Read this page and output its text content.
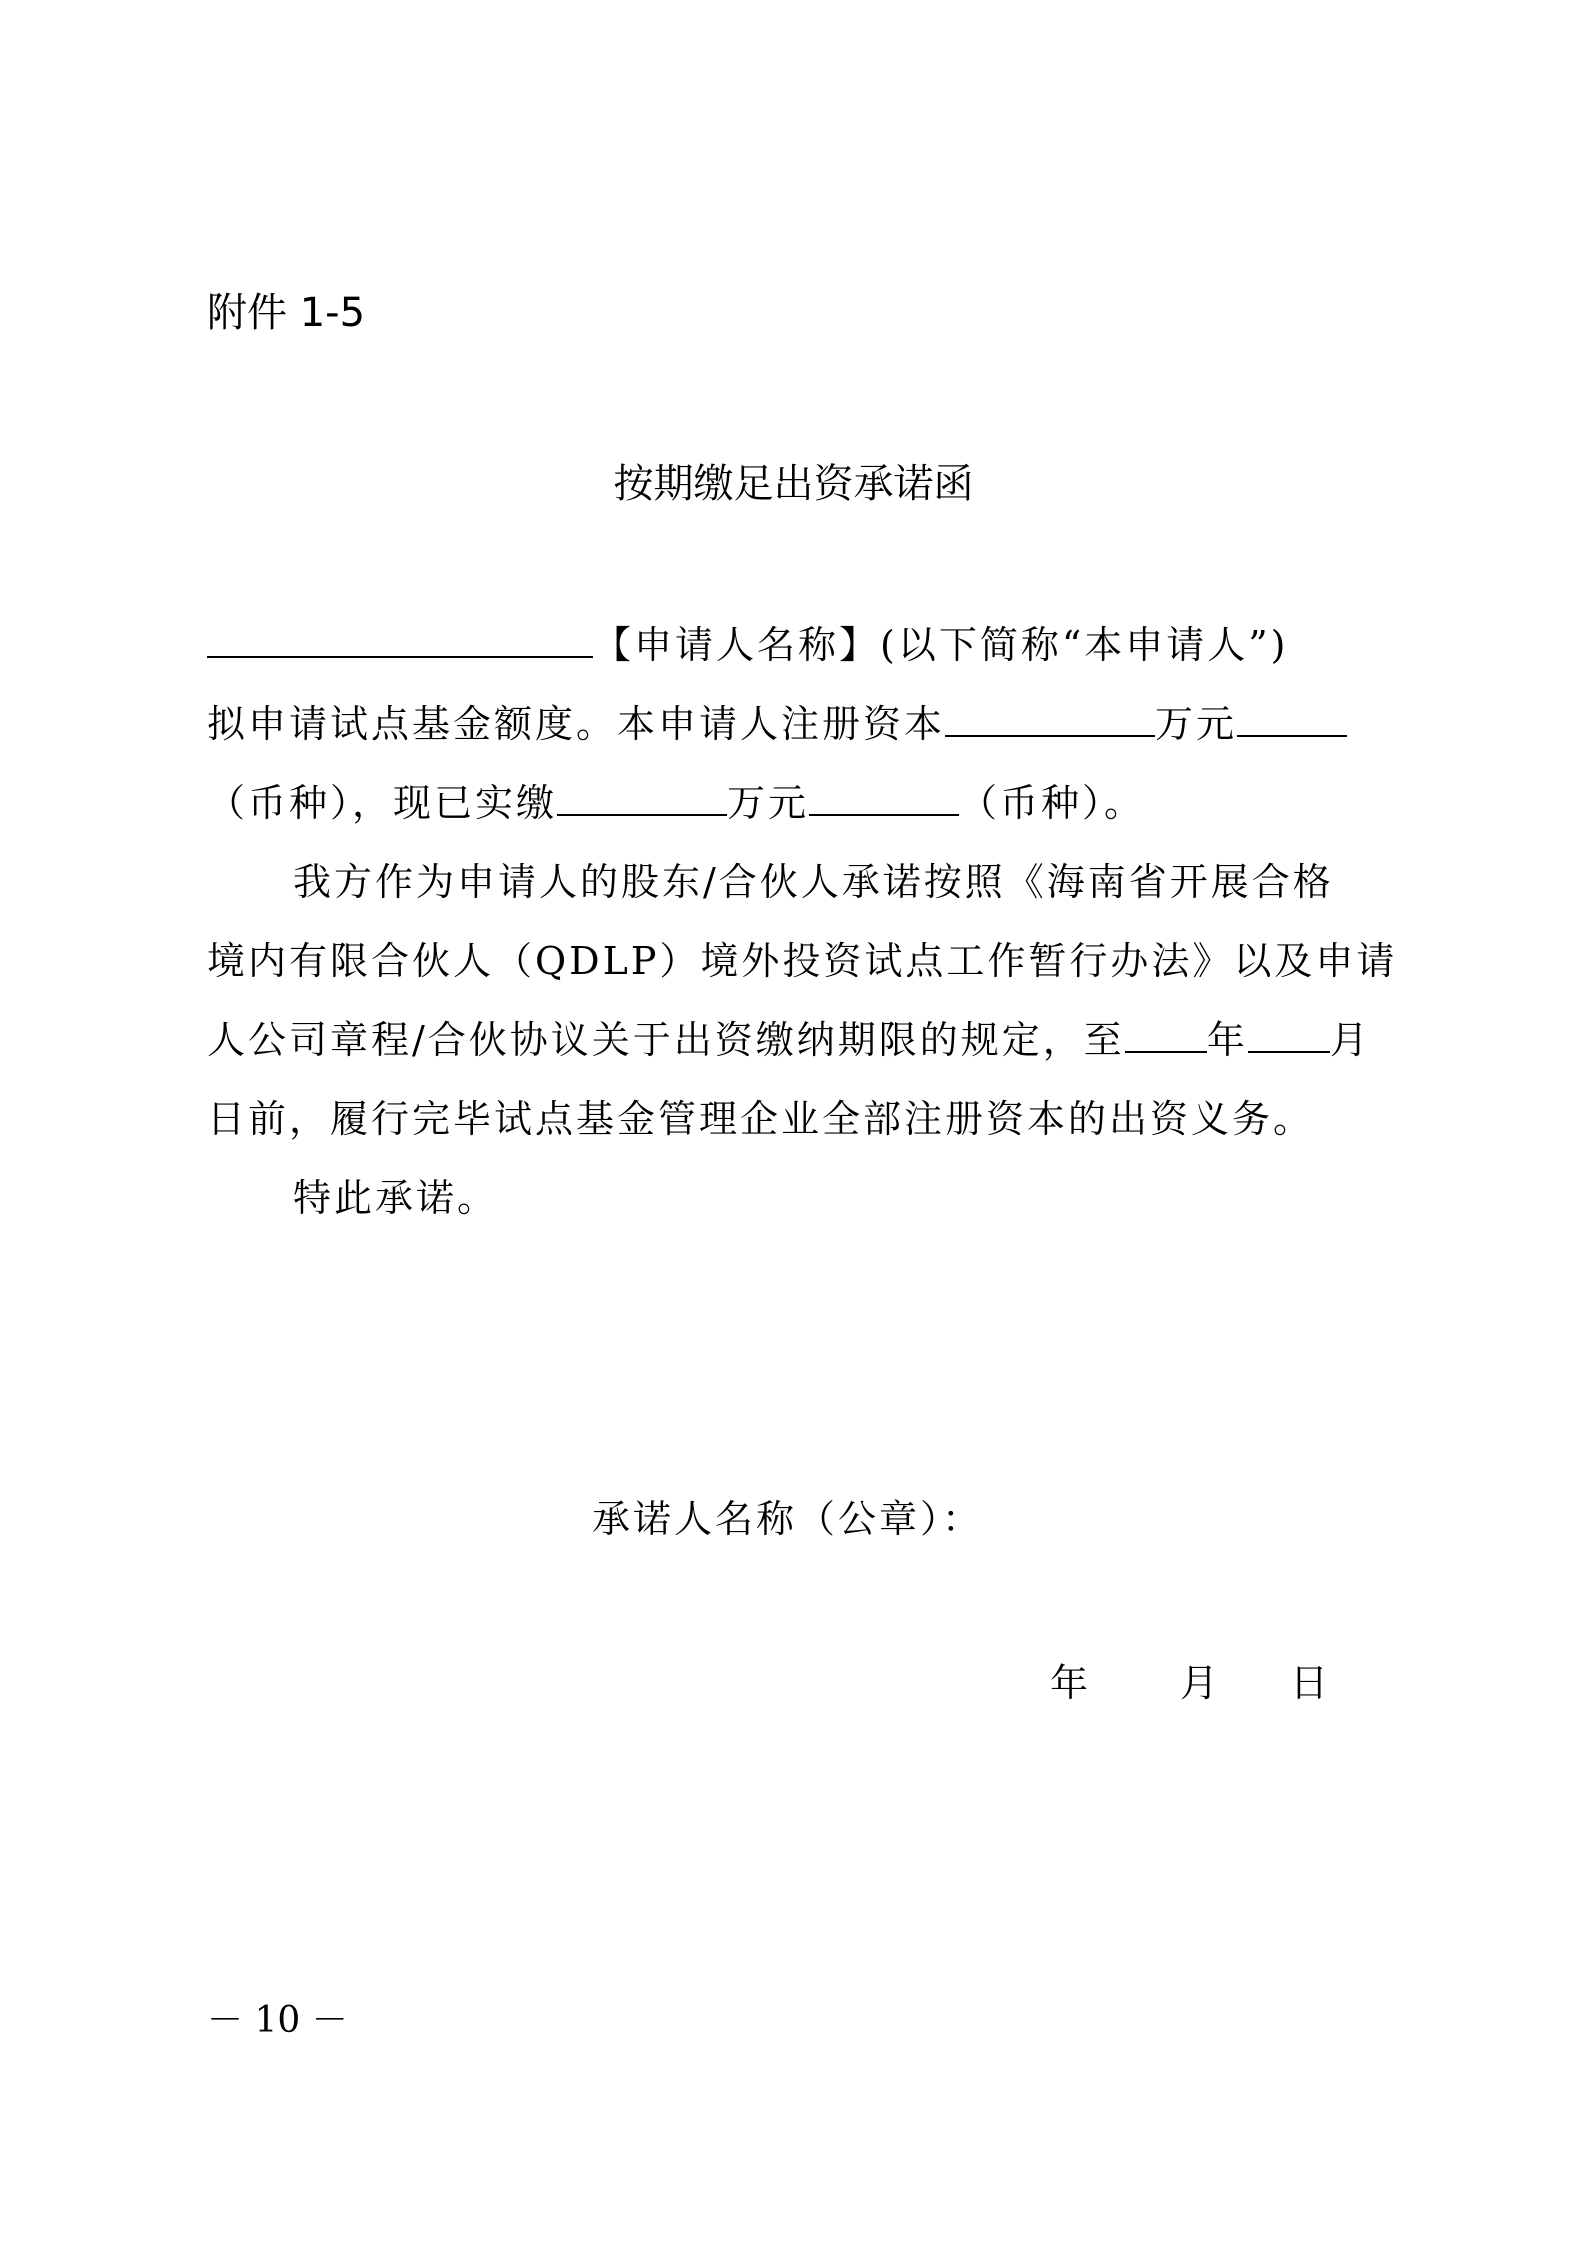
附件 1-5
按期缴足出资承诺函
【申请人名称】(以下简称“本申请人”)
拟申请试点基金额度。本申请人注册资本	万元
（币种），现已实缴	万元	（币种）。
我方作为申请人的股东/合伙人承诺按照《海南省开展合格
境内有限合伙人（QDLP）境外投资试点工作暂行办法》以及申请
人公司章程/合伙协议关于出资缴纳期限的规定，至 年 月
日前，履行完毕试点基金管理企业全部注册资本的出资义务。
特此承诺。
承诺人名称（公章）：
年 月 日
－ 10 －
